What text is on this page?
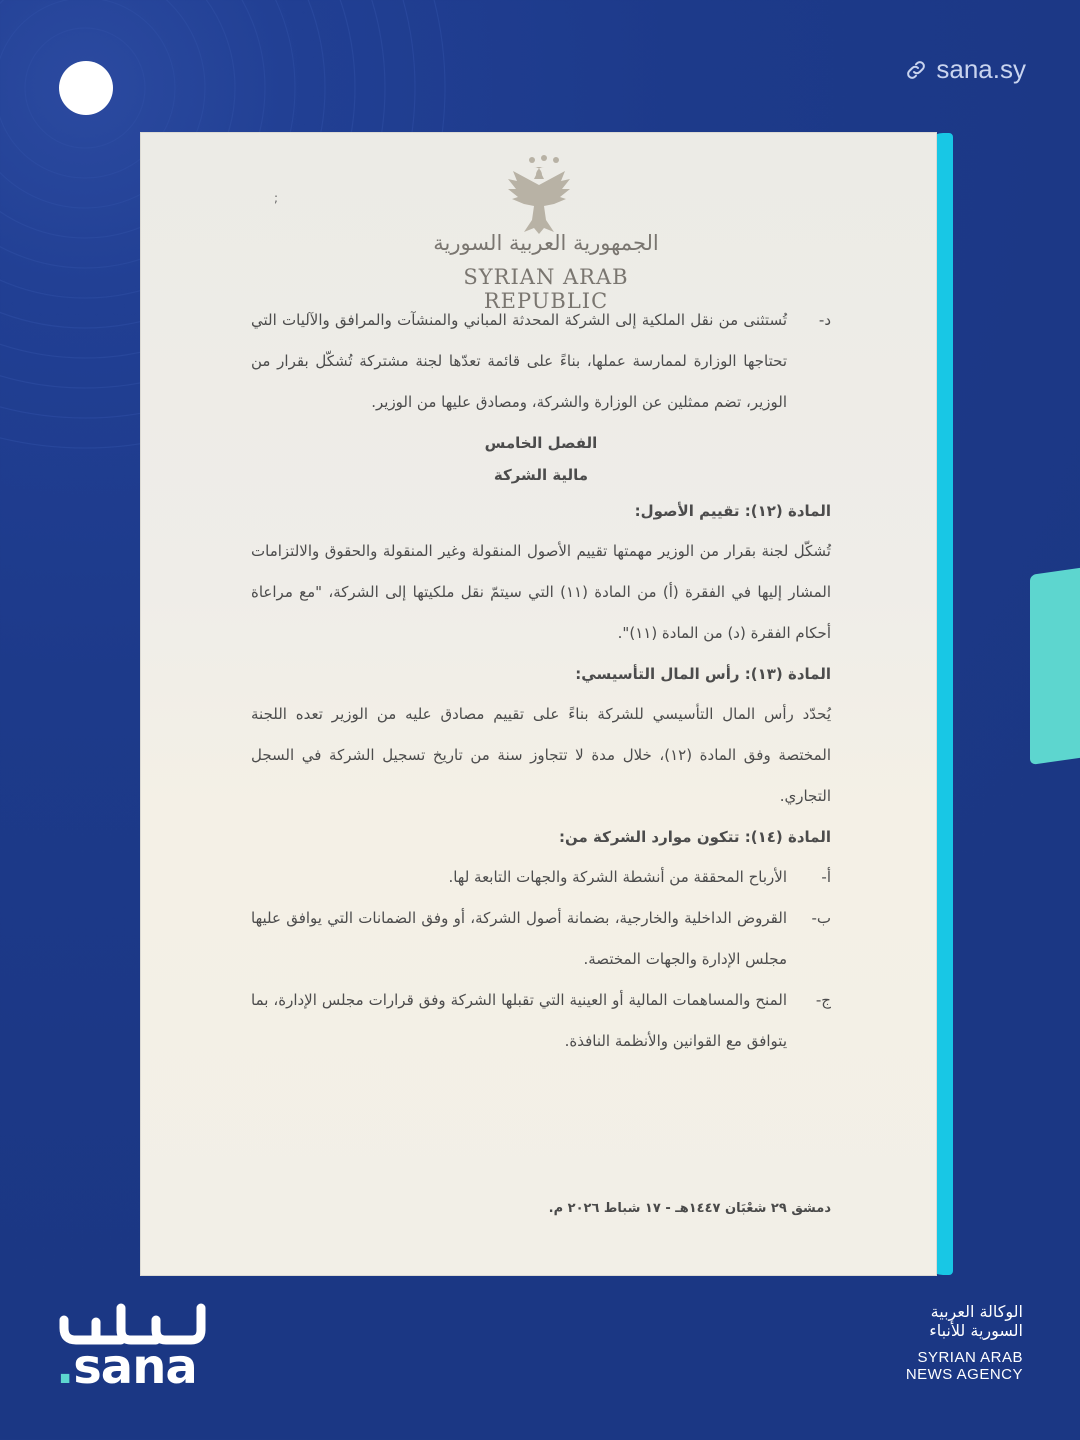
sana.sy
;
الجمهورية العربية السورية
SYRIAN ARAB REPUBLIC

د-
تُستثنى من نقل الملكية إلى الشركة المحدثة المباني والمنشآت والمرافق والآليات التي تحتاجها الوزارة لممارسة عملها، بناءً على قائمة تعدّها لجنة مشتركة تُشكّل بقرار من الوزير، تضم ممثلين عن الوزارة والشركة، ومصادق عليها من الوزير.

الفصل الخامس

مالية الشركة

المادة (١٢): تقييم الأصول:

تُشكّل لجنة بقرار من الوزير مهمتها تقييم الأصول المنقولة وغير المنقولة والحقوق والالتزامات المشار إليها في الفقرة (أ) من المادة (١١) التي سيتمّ نقل ملكيتها إلى الشركة، "مع مراعاة أحكام الفقرة (د) من المادة (١١)".

المادة (١٣): رأس المال التأسيسي:

يُحدّد رأس المال التأسيسي للشركة بناءً على تقييم مصادق عليه من الوزير تعده اللجنة المختصة وفق المادة (١٢)، خلال مدة لا تتجاوز سنة من تاريخ تسجيل الشركة في السجل التجاري.

المادة (١٤): تتكون موارد الشركة من:

أ-
الأرباح المحققة من أنشطة الشركة والجهات التابعة لها.

ب-
القروض الداخلية والخارجية، بضمانة أصول الشركة، أو وفق الضمانات التي يوافق عليها مجلس الإدارة والجهات المختصة.

ج-
المنح والمساهمات المالية أو العينية التي تقبلها الشركة وفق قرارات مجلس الإدارة، بما يتوافق مع القوانين والأنظمة النافذة.

دمشق ٢٩ شعْبَان ١٤٤٧هـ - ١٧ شباط ٢٠٢٦ م.
.sana
الوكالة العربية
السورية للأنباء
SYRIAN ARAB
NEWS AGENCY
